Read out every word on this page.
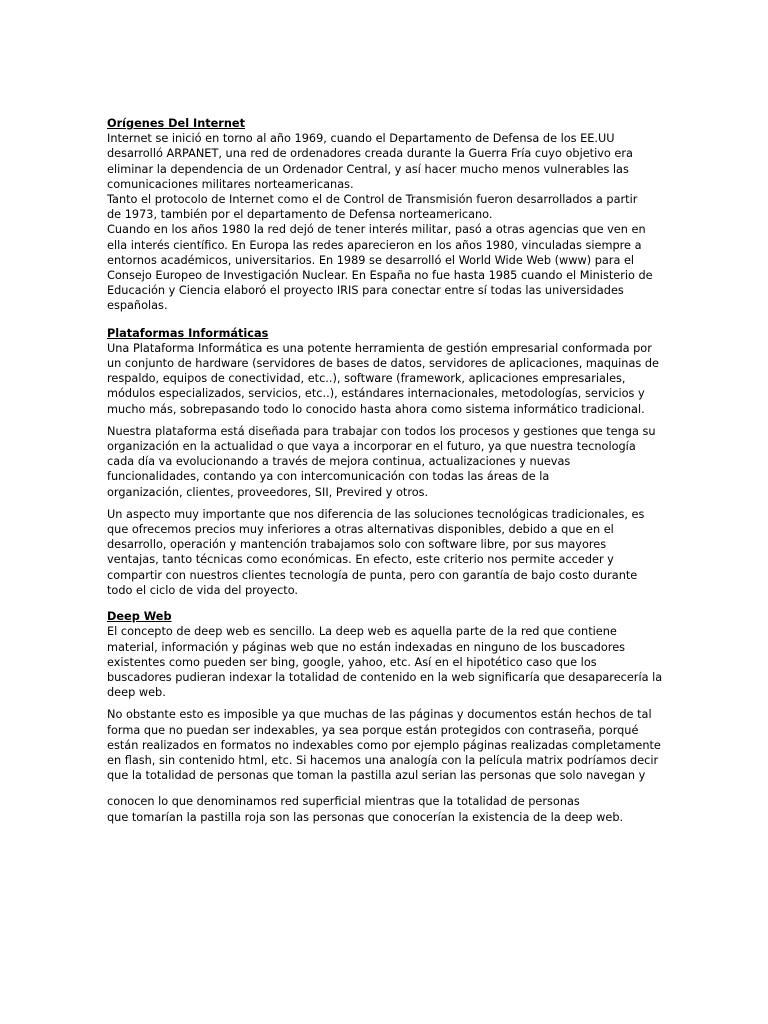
Orígenes Del Internet

Internet se inició en torno al año 1969, cuando el Departamento de Defensa de los EE.UU
desarrolló ARPANET, una red de ordenadores creada durante la Guerra Fría cuyo objetivo era
eliminar la dependencia de un Ordenador Central, y así hacer mucho menos vulnerables las
comunicaciones militares norteamericanas.
Tanto el protocolo de Internet como el de Control de Transmisión fueron desarrollados a partir
de 1973, también por el departamento de Defensa norteamericano.
Cuando en los años 1980 la red dejó de tener interés militar, pasó a otras agencias que ven en
ella interés científico. En Europa las redes aparecieron en los años 1980, vinculadas siempre a
entornos académicos, universitarios. En 1989 se desarrolló el World Wide Web (www) para el
Consejo Europeo de Investigación Nuclear. En España no fue hasta 1985 cuando el Ministerio de
Educación y Ciencia elaboró el proyecto IRIS para conectar entre sí todas las universidades
españolas.

Plataformas Informáticas

Una Plataforma Informática es una potente herramienta de gestión empresarial conformada por
un conjunto de hardware (servidores de bases de datos, servidores de aplicaciones, maquinas de
respaldo, equipos de conectividad, etc..), software (framework, aplicaciones empresariales,
módulos especializados, servicios, etc..), estándares internacionales, metodologías, servicios y
mucho más, sobrepasando todo lo conocido hasta ahora como sistema informático tradicional.

Nuestra plataforma está diseñada para trabajar con todos los procesos y gestiones que tenga su
organización en la actualidad o que vaya a incorporar en el futuro, ya que nuestra tecnología
cada día va evolucionando a través de mejora continua, actualizaciones y nuevas
funcionalidades, contando ya con intercomunicación con todas las áreas de la
organización, clientes, proveedores, SII, Previred y otros.

Un aspecto muy importante que nos diferencia de las soluciones tecnológicas tradicionales, es
que ofrecemos precios muy inferiores a otras alternativas disponibles, debido a que en el
desarrollo, operación y mantención trabajamos solo con software libre, por sus mayores
ventajas, tanto técnicas como económicas. En efecto, este criterio nos permite acceder y
compartir con nuestros clientes tecnología de punta, pero con garantía de bajo costo durante
todo el ciclo de vida del proyecto.

Deep Web

El concepto de deep web es sencillo. La deep web es aquella parte de la red que contiene
material, información y páginas web que no están indexadas en ninguno de los buscadores
existentes como pueden ser bing, google, yahoo, etc. Así en el hipotético caso que los
buscadores pudieran indexar la totalidad de contenido en la web significaría que desaparecería la
deep web.

No obstante esto es imposible ya que muchas de las páginas y documentos están hechos de tal
forma que no puedan ser indexables, ya sea porque están protegidos con contraseña, porqué
están realizados en formatos no indexables como por ejemplo páginas realizadas completamente
en flash, sin contenido html, etc. Si hacemos una analogía con la película matrix podríamos decir
que la totalidad de personas que toman la pastilla azul serian las personas que solo navegan y

conocen lo que denominamos red superficial mientras que la totalidad de personas
que tomarían la pastilla roja son las personas que conocerían la existencia de la deep web.
